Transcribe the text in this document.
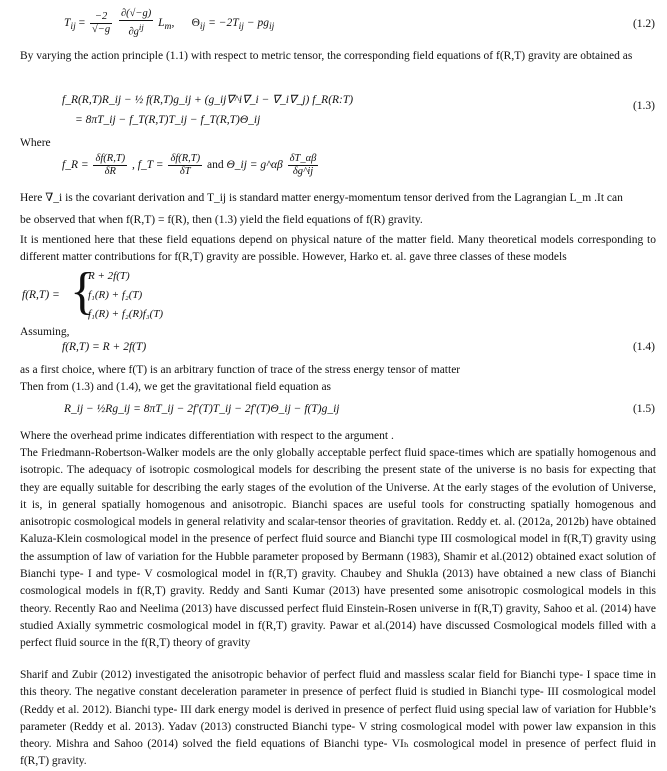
$T_{ij} = \frac{-2}{√-g}$
$\frac{\partial(√-g)}{\partial g^{ij}} L_m$,      $\Theta_{ij} = -2T_{ij} - pg_{ij}$	(1.2)
By varying the action principle (1.1) with respect to metric tensor, the corresponding field equations of f(R,T) gravity are obtained as
f_R(R,T)R_ij − ½ f(R,T)g_ij + (g_ij∇^i∇_i − ∇_i∇_j) f_R(R:T)
= 8πT_ij − f_T(R,T)T_ij − f_T(R,T)Θ_ij
(1.3)
Where
f_R = $\frac{\delta f(R,T)}{\delta R}$ , f_T = $\frac{\delta f(R,T)}{\delta T}$ and Θ_ij = g^αβ $\frac{\delta T\_\alpha\beta}{\delta g\^{}ij}$
Here ∇_i is the covariant derivation and T_ij is standard matter energy-momentum tensor derived from the Lagrangian L_m .It can
be observed that when f(R,T) = f(R), then (1.3) yield the field equations of f(R) gravity.
It is mentioned here that these field equations depend on physical nature of the matter field. Many theoretical models corresponding to different matter contributions for f(R,T) gravity are possible. However, Harko et. al. gave three classes of these models
f(R,T) = {
R + 2f(T)
f₁(R) + f₂(T)
f₁(R) + f₂(R)f₃(T)
Assuming,
f(R,T) = R + 2f(T)	(1.4)
as a first choice, where f(T) is an arbitrary function of trace of the stress energy tensor of matter
Then from (1.3) and (1.4), we get the gravitational field equation as
R_ij − ½Rg_ij = 8πT_ij − 2f′(T)T_ij − 2f′(T)Θ_ij − f(T)g_ij	(1.5)
Where the overhead prime indicates differentiation with respect to the argument .
The Friedmann-Robertson-Walker models are the only globally acceptable perfect fluid space-times which are spatially homogenous and isotropic. The adequacy of isotropic cosmological models for describing the present state of the universe is no basis for expecting that they are equally suitable for describing the early stages of the evolution of the Universe. At the early stages of the evolution of Universe, it is, in general spatially homogenous and anisotropic. Bianchi spaces are useful tools for constructing spatially homogenous and anisotropic cosmological models in general relativity and scalar-tensor theories of gravitation. Reddy et. al. (2012a, 2012b) have obtained Kaluza-Klein cosmological model in the presence of perfect fluid source and Bianchi type III cosmological model in f(R,T) gravity using the assumption of law of variation for the Hubble parameter proposed by Bermann (1983), Shamir et al.(2012) obtained exact solution of Bianchi type- I and type- V cosmological model in f(R,T) gravity. Chaubey and Shukla (2013) have obtained a new class of Bianchi cosmological models in f(R,T) gravity. Reddy and Santi Kumar (2013) have presented some anisotropic cosmological models in this theory. Recently Rao and Neelima (2013) have discussed perfect fluid Einstein-Rosen universe in f(R,T) gravity, Sahoo et al. (2014) have studied Axially symmetric cosmological model in f(R,T) gravity. Pawar et al.(2014) have discussed Cosmological models filled with a perfect fluid source in the f(R,T) theory of gravity
Sharif and Zubir (2012) investigated the anisotropic behavior of perfect fluid and massless scalar field for Bianchi type- I space time in this theory. The negative constant deceleration parameter in presence of perfect fluid is studied in Bianchi type- III cosmological model (Reddy et al. 2012). Bianchi type- III dark energy model is derived in presence of perfect fluid using special law of variation for Hubble’s parameter (Reddy et al. 2013). Yadav (2013) constructed Bianchi type- V string cosmological model with power law expansion in this theory. Mishra and Sahoo (2014) solved the field equations of Bianchi type- VIₕ cosmological model in presence of perfect fluid in f(R,T) gravity.
